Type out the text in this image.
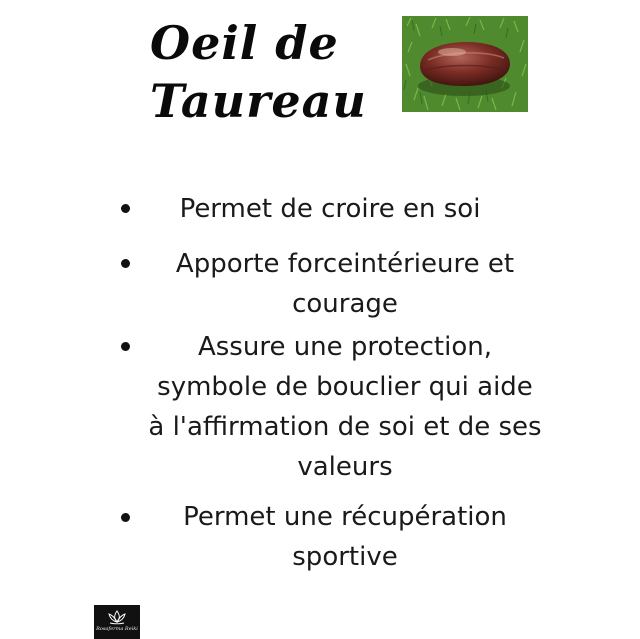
Oeil de
Taureau
Permet de croire en soi
Apporte forceintérieure et
courage
Assure une protection,
symbole de bouclier qui aide
à l'affirmation de soi et de ses
valeurs
Permet une récupération
sportive
Rosaferma Reiki
